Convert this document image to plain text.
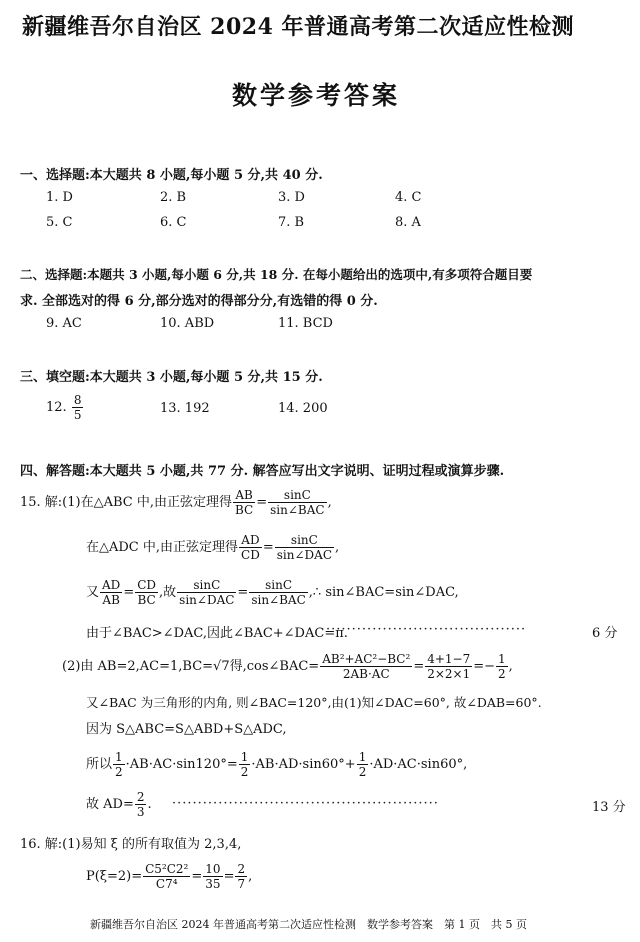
新疆维吾尔自治区 2024 年普通高考第二次适应性检测
数学参考答案
一、选择题:本大题共 8 小题,每小题 5 分,共 40 分.
1. D	2. B	3. D	4. C
5. C	6. C	7. B	8. A
二、选择题:本题共 3 小题,每小题 6 分,共 18 分. 在每小题给出的选项中,有多项符合题目要
求. 全部选对的得 6 分,部分选对的得部分分,有选错的得 0 分.
9. AC	10. ABD	11. BCD
三、填空题:本大题共 3 小题,每小题 5 分,共 15 分.
12. $\frac{8}{5}$	13. 192	14. 200
四、解答题:本大题共 5 小题,共 77 分. 解答应写出文字说明、证明过程或演算步骤.
15. 解:(1)在△ABC 中,由正弦定理得 $\frac{AB}{BC} = \frac{\sin C}{\text{sin∠BAC}}$ ,
在△ADC 中,由正弦定理得 $\frac{AD}{CD} = \frac{\sin C}{\text{sin∠DAC}}$ ,
又 $\frac{AD}{AB} = \frac{CD}{BC}$ ,故 $\frac{\sin C}{\text{sin∠DAC}} = \frac{\sin C}{\text{sin∠BAC}}$ ,∴ sin∠BAC=sin∠DAC,
由于∠BAC>∠DAC,因此∠BAC+∠DAC=π.
·······································	6 分
(2)由 AB=2,AC=1,BC=√7得,cos∠BAC= $\frac{\text{AB²+AC²−BC²}}{2AB\cdot AC} = \frac{4+1-7}{2\times 2\times 1} =- \frac{1}{2}$ ,
又∠BAC 为三角形的内角, 则∠BAC=120°,由(1)知∠DAC=60°, 故∠DAB=60°.
因为 S△ABC=S△ABD+S△ADC,
所以 $\frac{1}{2} \cdot AB\cdot AC\cdot\sin 120^\circ= \frac{1}{2} \cdot AB\cdot AD\cdot\sin 60^\circ+ \frac{1}{2} \cdot AD\cdot AC\cdot\sin 60^\circ$,
故 $AD= \frac{2}{3}$ . ····················································	13 分
16. 解:(1)易知 ξ 的所有取值为 2,3,4,
$P(\xi=2)= \frac{\text{C5²C2²}}{\text{C7⁴}} = \frac{10}{35} = \frac{2}{7}$ ,
新疆维吾尔自治区 2024 年普通高考第二次适应性检测　数学参考答案　第 1 页　共 5 页
